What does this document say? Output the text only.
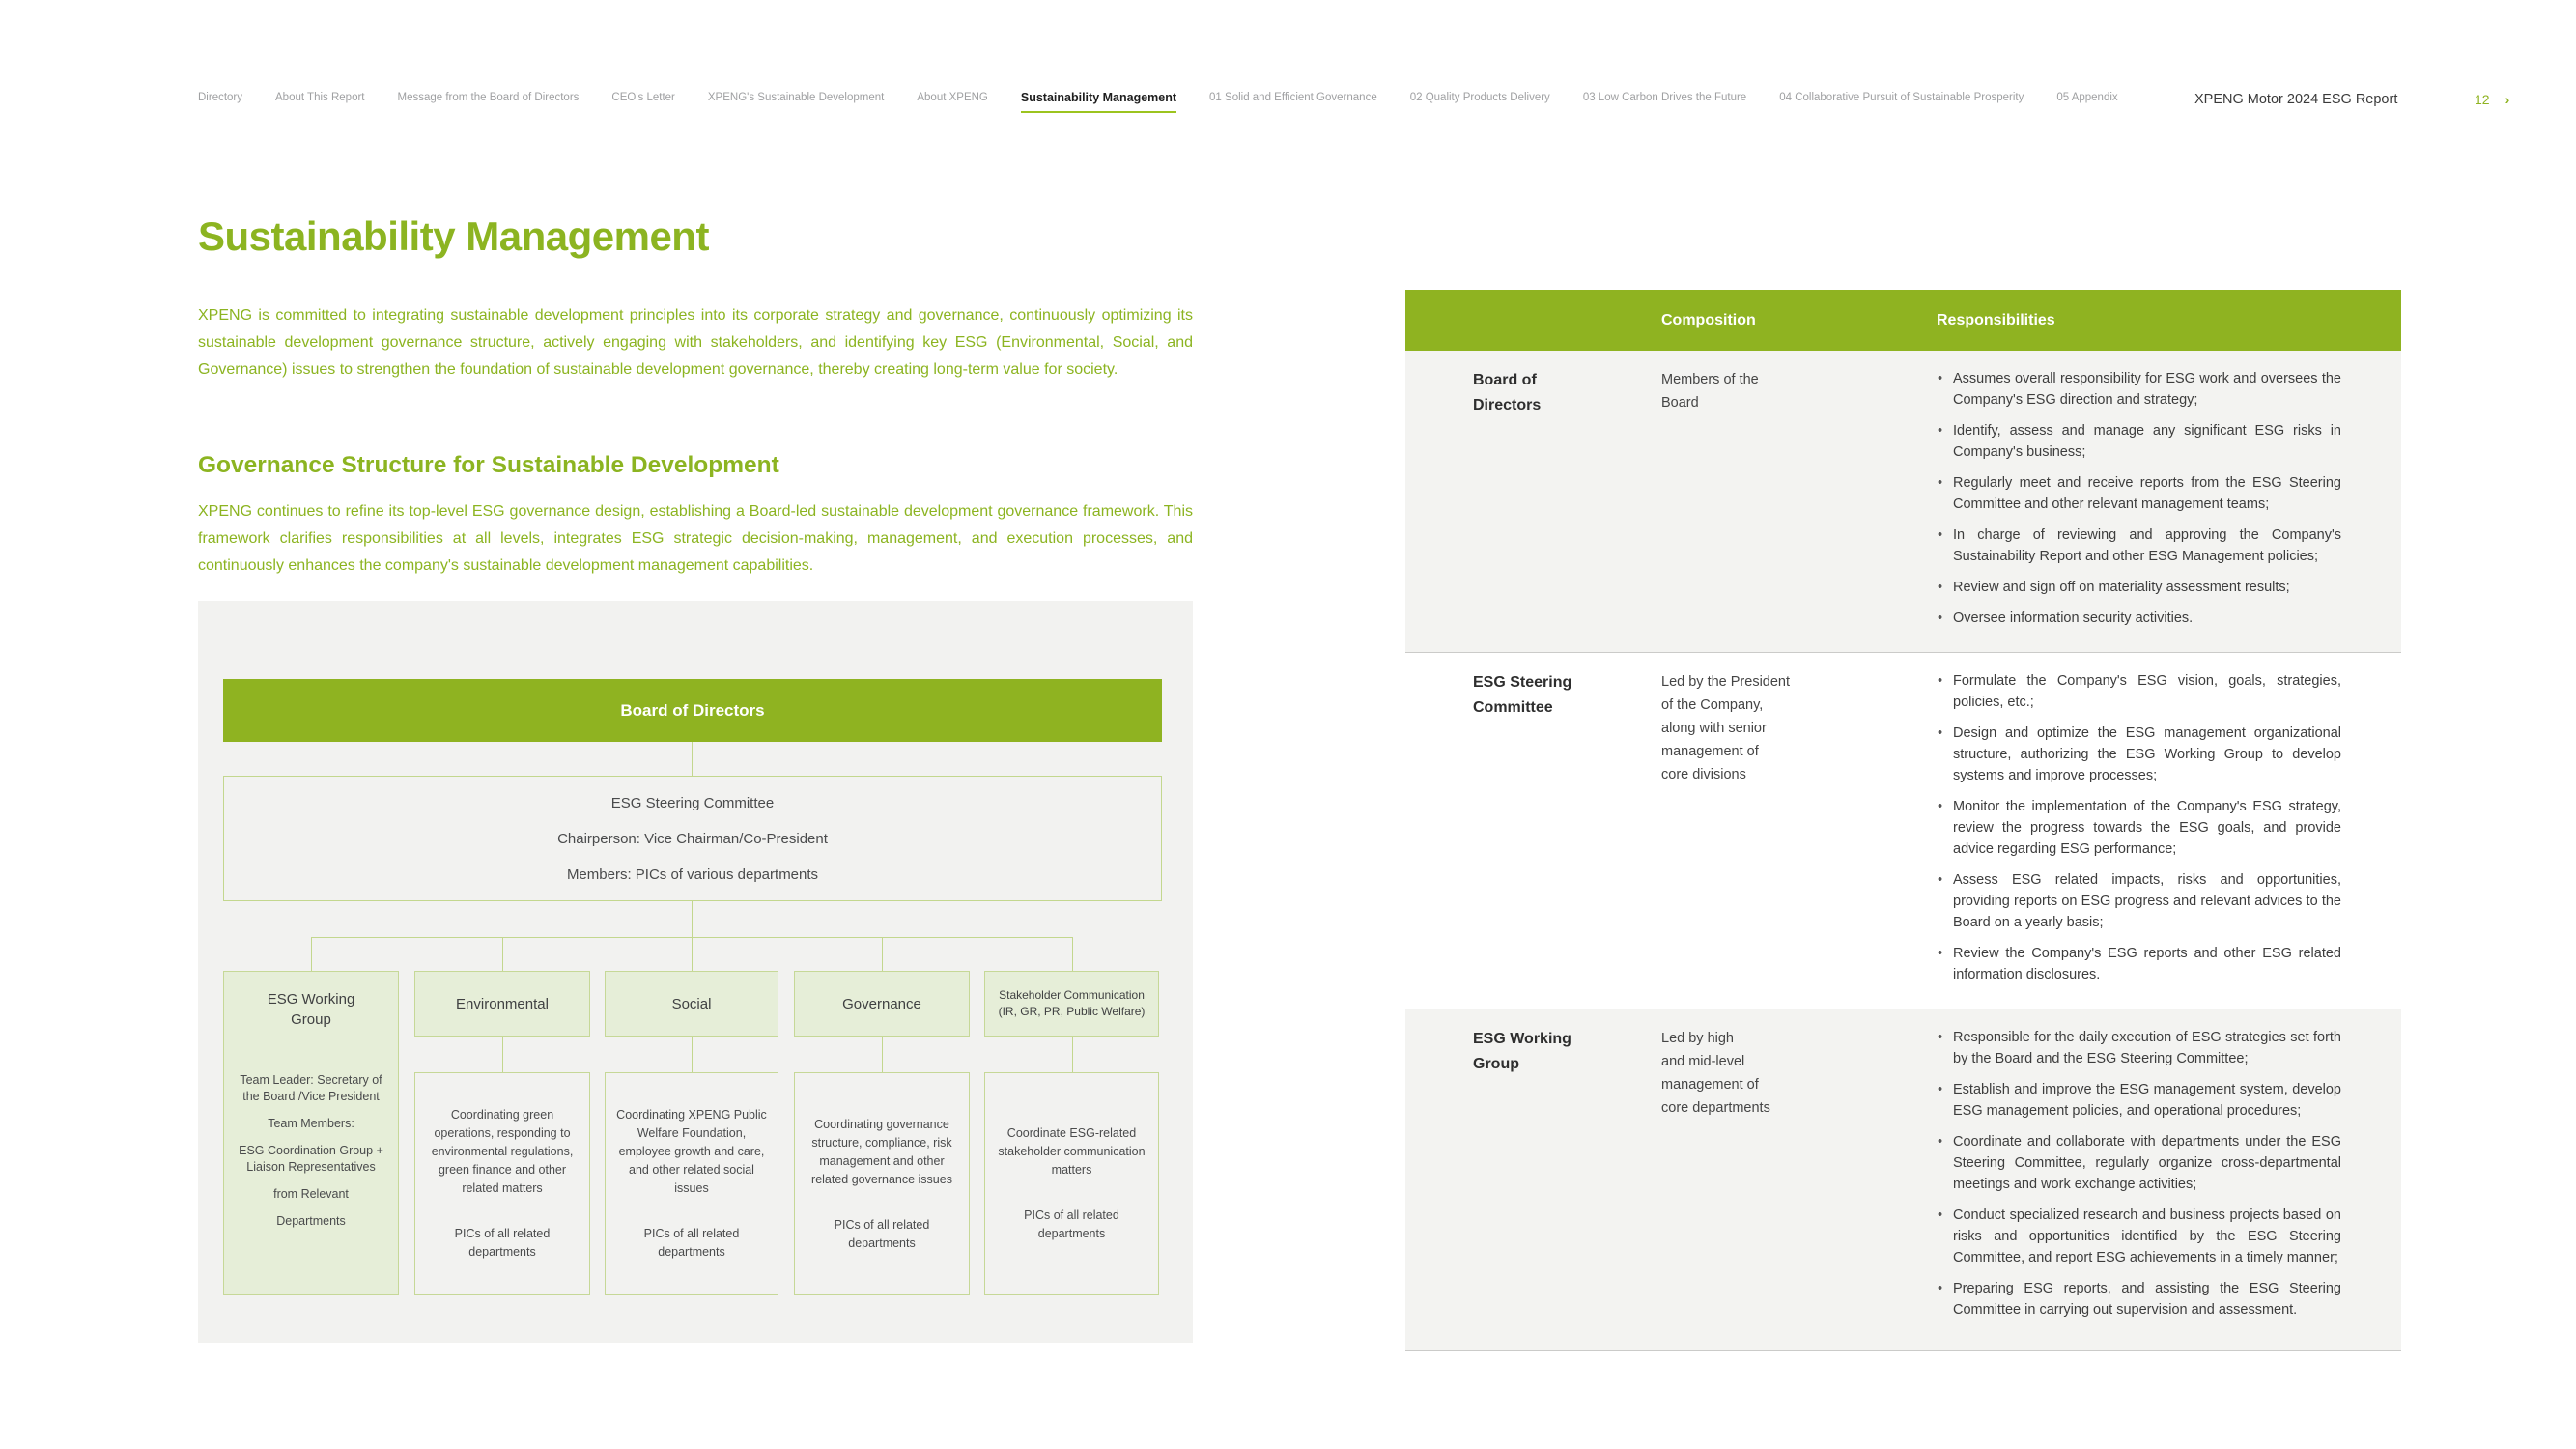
Directory	About This Report	Message from the Board of Directors	CEO's Letter	XPENG's Sustainable Development	About XPENG	Sustainability Management	01 Solid and Efficient Governance	02 Quality Products Delivery	03 Low Carbon Drives the Future	04 Collaborative Pursuit of Sustainable Prosperity	05 Appendix	XPENG Motor 2024 ESG Report	12 ›
Sustainability Management

XPENG is committed to integrating sustainable development principles into its corporate strategy and governance, continuously optimizing its sustainable development governance structure, actively engaging with stakeholders, and identifying key ESG (Environmental, Social, and Governance) issues to strengthen the foundation of sustainable development governance, thereby creating long-term value for society.

Governance Structure for Sustainable Development

XPENG continues to refine its top-level ESG governance design, establishing a Board-led sustainable development governance framework. This framework clarifies responsibilities at all levels, integrates ESG strategic decision-making, management, and execution processes, and continuously enhances the company's sustainable development management capabilities.

Board of Directors
ESG Steering Committee
Chairperson: Vice Chairman/Co-President
Members: PICs of various departments
ESG Working Group
Team Leader: Secretary of the Board /Vice President
Team Members:
ESG Coordination Group + Liaison Representatives
from Relevant
Departments
Environmental	Social	Governance
Stakeholder Communication (IR, GR, PR, Public Welfare)
Coordinating green operations, responding to environmental regulations, green finance and other related matters
PICs of all related departments
Coordinating XPENG Public Welfare Foundation, employee growth and care, and other related social issues
PICs of all related departments
Coordinating governance structure, compliance, risk management and other related governance issues
PICs of all related departments
Coordinate ESG-related stakeholder communication matters
PICs of all related departments
Composition	Responsibilities
Board of Directors
Members of the
Board
• Assumes overall responsibility for ESG work and oversees the Company's ESG direction and strategy;
• Identify, assess and manage any significant ESG risks in Company's business;
• Regularly meet and receive reports from the ESG Steering Committee and other relevant management teams;
• In charge of reviewing and approving the Company's Sustainability Report and other ESG Management policies;
• Review and sign off on materiality assessment results;
• Oversee information security activities.
ESG Steering Committee
Led by the President
of the Company,
along with senior
management of
core divisions
• Formulate the Company's ESG vision, goals, strategies, policies, etc.;
• Design and optimize the ESG management organizational structure, authorizing the ESG Working Group to develop systems and improve processes;
• Monitor the implementation of the Company's ESG strategy, review the progress towards the ESG goals, and provide advice regarding ESG performance;
• Assess ESG related impacts, risks and opportunities, providing reports on ESG progress and relevant advices to the Board on a yearly basis;
• Review the Company's ESG reports and other ESG related information disclosures.
ESG Working Group
Led by high
and mid-level
management of
core departments
• Responsible for the daily execution of ESG strategies set forth by the Board and the ESG Steering Committee;
• Establish and improve the ESG management system, develop ESG management policies, and operational procedures;
• Coordinate and collaborate with departments under the ESG Steering Committee, regularly organize cross-departmental meetings and work exchange activities;
• Conduct specialized research and business projects based on risks and opportunities identified by the ESG Steering Committee, and report ESG achievements in a timely manner;
• Preparing ESG reports, and assisting the ESG Steering Committee in carrying out supervision and assessment.
